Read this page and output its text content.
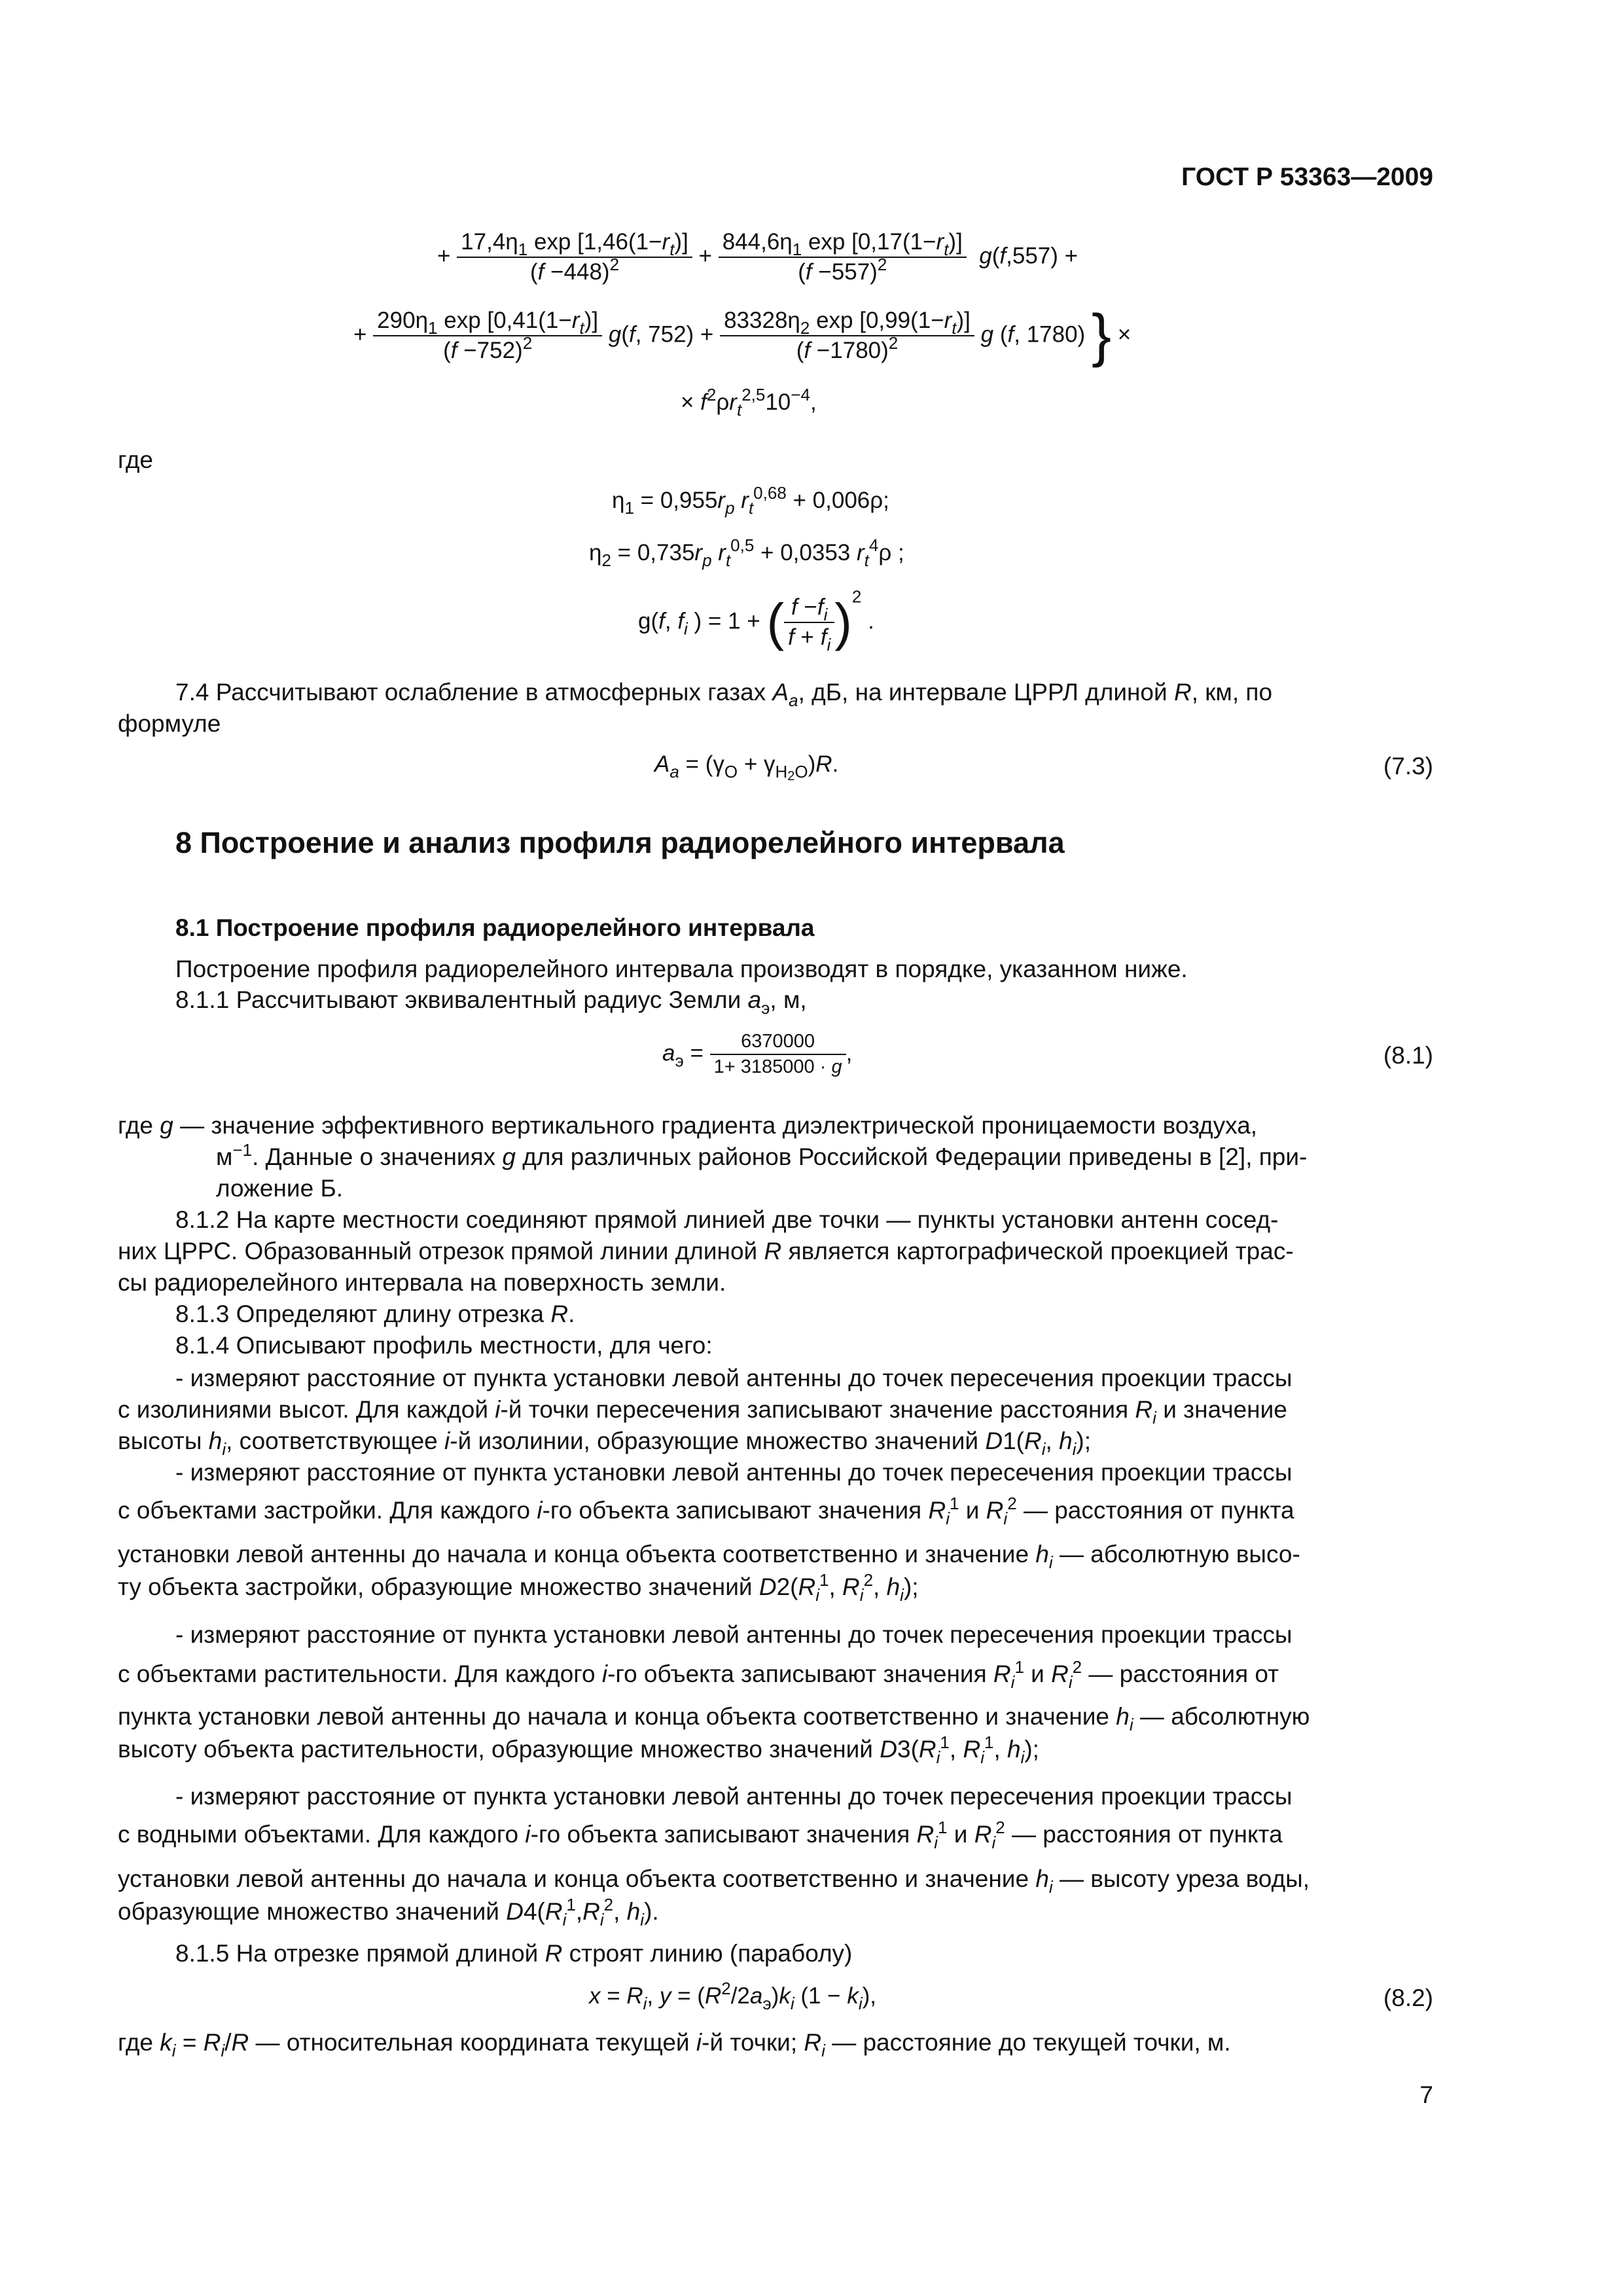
ГОСТ Р 53363—2009
+ $\frac{17,4\eta_1 \exp [1,46(1-r_t)]}{(f -448)^2} + \frac{844,6\eta_1 \exp [0,17(1-r_t)]}{(f -557)^2} g(f,557)$ +
+ $\frac{290\eta_1 \exp [0,41(1-r_t)]}{(f -752)^2} g(f$, $752) + \frac{83328\eta_2 \exp [0,99(1-r_t)]}{(f -1780)^2}$ g (f, 1780) } ×
× $f^2\rho r_t^{2,5}10^{-4}$,
где
$\eta_1 = 0,955r_p$ $r_t^{0,68} + 0,006\rho$;
$\eta_2 = 0,735r_p$ $r_t^{0,5} + 0,0353$ $r_t^4\rho$ ;
g(f, $f_i$ ) = 1 + ( $\frac{f -f_i}{f + f_i} )^2$ .
7.4 Рассчитывают ослабление в атмосферных газах $A_a$, дБ, на интервале ЦРРЛ длиной R, км, по
формуле
$A_a = (\gamma_O + \gamma_{H_2O})R$.	(7.3)
8 Построение и анализ профиля радиорелейного интервала
8.1 Построение профиля радиорелейного интервала
Построение профиля радиорелейного интервала производят в порядке, указанном ниже.
8.1.1 Рассчитывают эквивалентный радиус Земли $a_э$, м,
$a_э = \frac{6370000}{1+ 3185000 \cdot g}$ ,	(8.1)
где g — значение эффективного вертикального градиента диэлектрической проницаемости воздуха,
$м^{-1}$. Данные о значениях g для различных районов Российской Федерации приведены в [2], при-
ложение Б.
8.1.2 На карте местности соединяют прямой линией две точки — пункты установки антенн сосед-
них ЦРРС. Образованный отрезок прямой линии длиной R является картографической проекцией трас-
сы радиорелейного интервала на поверхность земли.
8.1.3 Определяют длину отрезка R.
8.1.4 Описывают профиль местности, для чего:
- измеряют расстояние от пункта установки левой антенны до точек пересечения проекции трассы
с изолиниями высот. Для каждой i-й точки пересечения записывают значение расстояния $R_i$ и значение
высоты $h_i$, соответствующее i-й изолинии, образующие множество значений $D1(R_i$, $h_i$);
- измеряют расстояние от пункта установки левой антенны до точек пересечения проекции трассы
с объектами застройки. Для каждого i-го объекта записывают значения $R_i^1$ и $R_i^2$ — расстояния от пункта
установки левой антенны до начала и конца объекта соответственно и значение $h_i$ — абсолютную высо-
ту объекта застройки, образующие множество значений $D2(R_i^1$, $R_i^2$, $h_i$);
- измеряют расстояние от пункта установки левой антенны до точек пересечения проекции трассы
с объектами растительности. Для каждого i-го объекта записывают значения $R_i^1$ и $R_i^2$ — расстояния от
пункта установки левой антенны до начала и конца объекта соответственно и значение $h_i$ — абсолютную
высоту объекта растительности, образующие множество значений $D3(R_i^1$, $R_i^1$, $h_i$);
- измеряют расстояние от пункта установки левой антенны до точек пересечения проекции трассы
с водными объектами. Для каждого i-го объекта записывают значения $R_i^1$ и $R_i^2$ — расстояния от пункта
установки левой антенны до начала и конца объекта соответственно и значение $h_i$ — высоту уреза воды,
образующие множество значений $D4(R_i^1,R_i^2$, $h_i$).
8.1.5 На отрезке прямой длиной R строят линию (параболу)
$x = R_i$, $y = (R^2/2a_э)k_i$ $(1 - k_i)$,	(8.2)
где $k_i = R_i/R$ — относительная координата текущей i-й точки; $R_i$ — расстояние до текущей точки, м.
7
